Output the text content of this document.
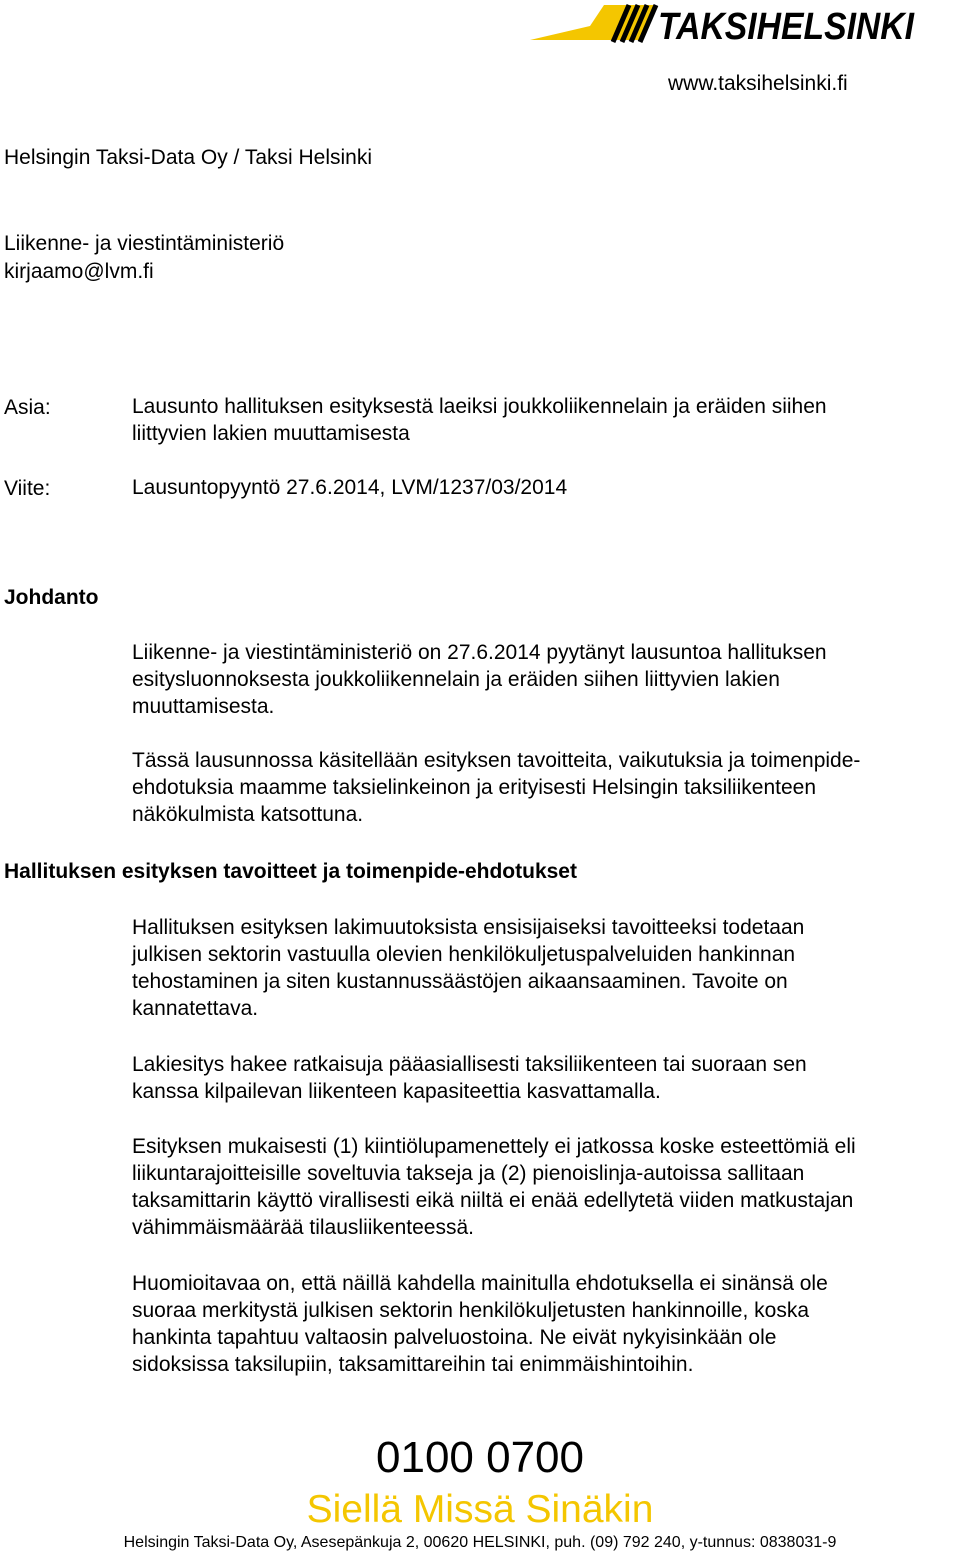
TAKSIHELSINKI
www.taksihelsinki.fi
Helsingin Taksi-Data Oy / Taksi Helsinki
Liikenne- ja viestintäministeriö
kirjaamo@lvm.fi
Asia:	Lausunto hallituksen esityksestä laeiksi joukkoliikennelain ja eräiden siihen
liittyvien lakien muuttamisesta
Viite:	Lausuntopyyntö 27.6.2014, LVM/1237/03/2014
Johdanto
Liikenne- ja viestintäministeriö on 27.6.2014 pyytänyt lausuntoa hallituksen
esitysluonnoksesta joukkoliikennelain ja eräiden siihen liittyvien lakien
muuttamisesta.
Tässä lausunnossa käsitellään esityksen tavoitteita, vaikutuksia ja toimenpide-
ehdotuksia maamme taksielinkeinon ja erityisesti Helsingin taksiliikenteen
näkökulmista katsottuna.
Hallituksen esityksen tavoitteet ja toimenpide-ehdotukset
Hallituksen esityksen lakimuutoksista ensisijaiseksi tavoitteeksi todetaan
julkisen sektorin vastuulla olevien henkilökuljetuspalveluiden hankinnan
tehostaminen ja siten kustannussäästöjen aikaansaaminen. Tavoite on
kannatettava.
Lakiesitys hakee ratkaisuja pääasiallisesti taksiliikenteen tai suoraan sen
kanssa kilpailevan liikenteen kapasiteettia kasvattamalla.
Esityksen mukaisesti (1) kiintiölupamenettely ei jatkossa koske esteettömiä eli
liikuntarajoitteisille soveltuvia takseja ja (2) pienoislinja-autoissa sallitaan
taksamittarin käyttö virallisesti eikä niiltä ei enää edellytetä viiden matkustajan
vähimmäismäärää tilausliikenteessä.
Huomioitavaa on, että näillä kahdella mainitulla ehdotuksella ei sinänsä ole
suoraa merkitystä julkisen sektorin henkilökuljetusten hankinnoille, koska
hankinta tapahtuu valtaosin palveluostoina. Ne eivät nykyisinkään ole
sidoksissa taksilupiin, taksamittareihin tai enimmäishintoihin.
0100 0700
Siellä Missä Sinäkin
Helsingin Taksi-Data Oy, Asesepänkuja 2, 00620 HELSINKI, puh. (09) 792 240, y-tunnus: 0838031-9
